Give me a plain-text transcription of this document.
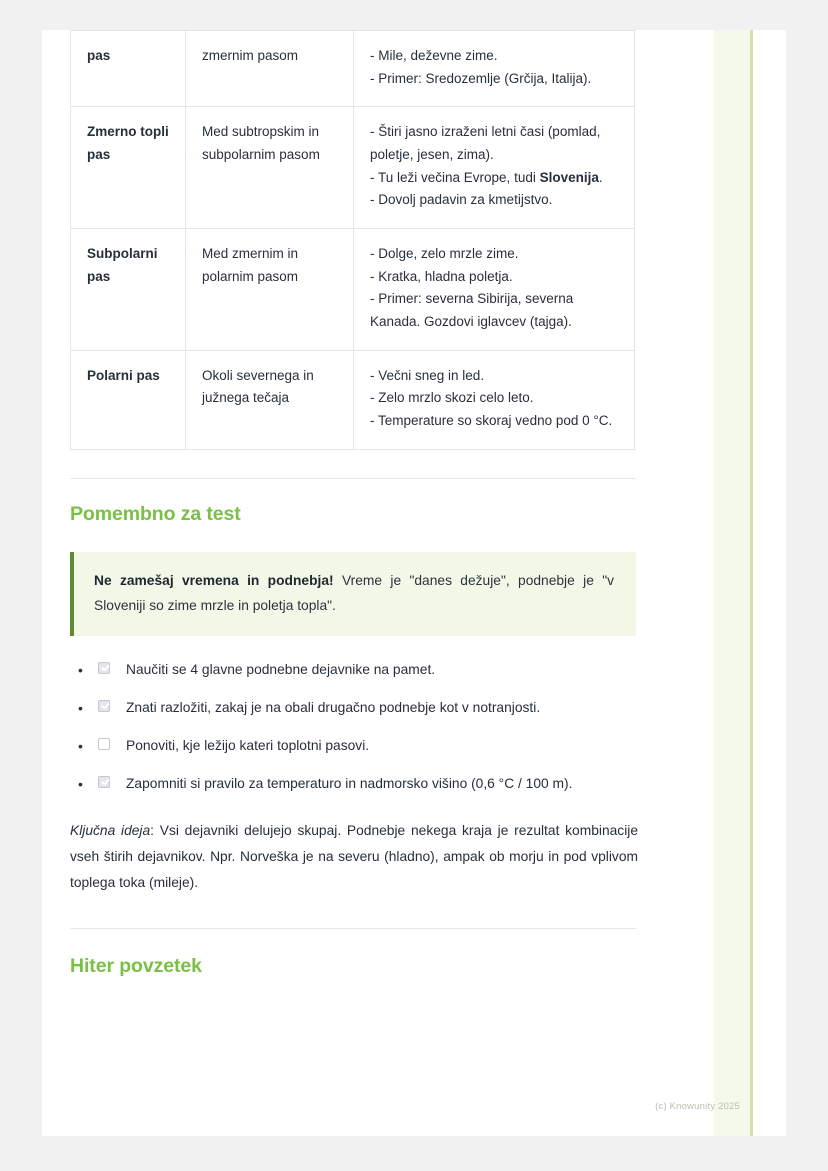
pas	zmernim pasom	- Mile, deževne zime.
- Primer: Sredozemlje (Grčija, Italija).
Zmerno topli pas	Med subtropskim in subpolarnim pasom	- Štiri jasno izraženi letni časi (pomlad, poletje, jesen, zima).
- Tu leži večina Evrope, tudi Slovenija.
- Dovolj padavin za kmetijstvo.
Subpolarni pas	Med zmernim in polarnim pasom	- Dolge, zelo mrzle zime.
- Kratka, hladna poletja.
- Primer: severna Sibirija, severna Kanada. Gozdovi iglavcev (tajga).
Polarni pas	Okoli severnega in južnega tečaja	- Večni sneg in led.
- Zelo mrzlo skozi celo leto.
- Temperature so skoraj vedno pod 0 °C.
Pomembno za test
Ne zamešaj vremena in podnebja! Vreme je "danes dežuje", podnebje je "v Sloveniji so zime mrzle in poletja topla".
•	Naučiti se 4 glavne podnebne dejavnike na pamet.
•	Znati razložiti, zakaj je na obali drugačno podnebje kot v notranjosti.
•	Ponoviti, kje ležijo kateri toplotni pasovi.
•	Zapomniti si pravilo za temperaturo in nadmorsko višino (0,6 °C / 100 m).

Ključna ideja: Vsi dejavniki delujejo skupaj. Podnebje nekega kraja je rezultat kombinacije vseh štirih dejavnikov. Npr. Norveška je na severu (hladno), ampak ob morju in pod vplivom toplega toka (mileje).

Hiter povzetek
(c) Knowunity 2025
